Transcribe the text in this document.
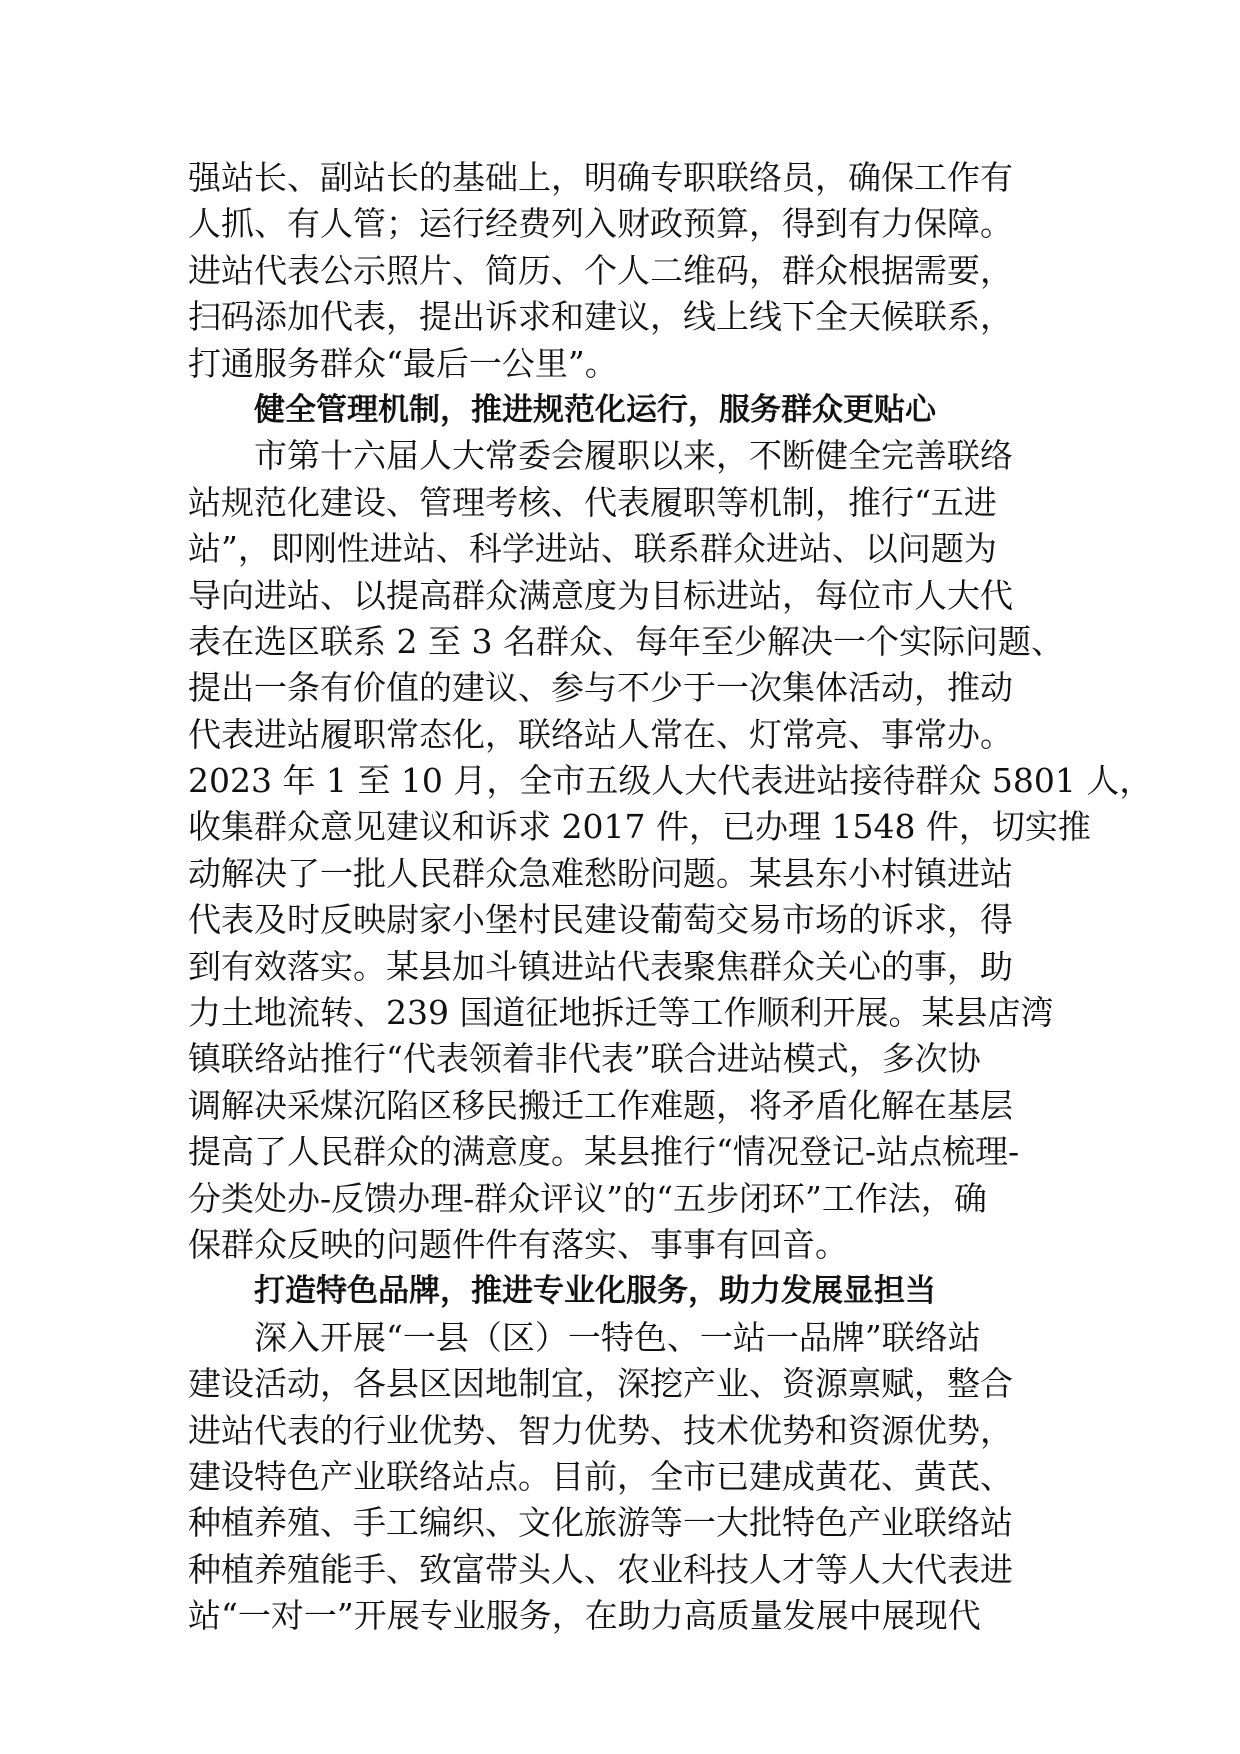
强站长、副站长的基础上，明确专职联络员，确保工作有
人抓、有人管；运行经费列入财政预算，得到有力保障。
进站代表公示照片、简历、个人二维码，群众根据需要，
扫码添加代表，提出诉求和建议，线上线下全天候联系，
打通服务群众“最后一公里”。
健全管理机制，推进规范化运行，服务群众更贴心
市第十六届人大常委会履职以来，不断健全完善联络
站规范化建设、管理考核、代表履职等机制，推行“五进
站”，即刚性进站、科学进站、联系群众进站、以问题为
导向进站、以提高群众满意度为目标进站，每位市人大代
表在选区联系 2 至 3 名群众、每年至少解决一个实际问题、
提出一条有价值的建议、参与不少于一次集体活动，推动
代表进站履职常态化，联络站人常在、灯常亮、事常办。
2023 年 1 至 10 月，全市五级人大代表进站接待群众 5801 人，
收集群众意见建议和诉求 2017 件，已办理 1548 件，切实推
动解决了一批人民群众急难愁盼问题。某县东小村镇进站
代表及时反映尉家小堡村民建设葡萄交易市场的诉求，得
到有效落实。某县加斗镇进站代表聚焦群众关心的事，助
力土地流转、239 国道征地拆迁等工作顺利开展。某县店湾
镇联络站推行“代表领着非代表”联合进站模式，多次协
调解决采煤沉陷区移民搬迁工作难题，将矛盾化解在基层
提高了人民群众的满意度。某县推行“情况登记-站点梳理-
分类处办-反馈办理-群众评议”的“五步闭环”工作法，确
保群众反映的问题件件有落实、事事有回音。
打造特色品牌，推进专业化服务，助力发展显担当
深入开展“一县（区）一特色、一站一品牌”联络站
建设活动，各县区因地制宜，深挖产业、资源禀赋，整合
进站代表的行业优势、智力优势、技术优势和资源优势，
建设特色产业联络站点。目前，全市已建成黄花、黄芪、
种植养殖、手工编织、文化旅游等一大批特色产业联络站
种植养殖能手、致富带头人、农业科技人才等人大代表进
站“一对一”开展专业服务，在助力高质量发展中展现代
